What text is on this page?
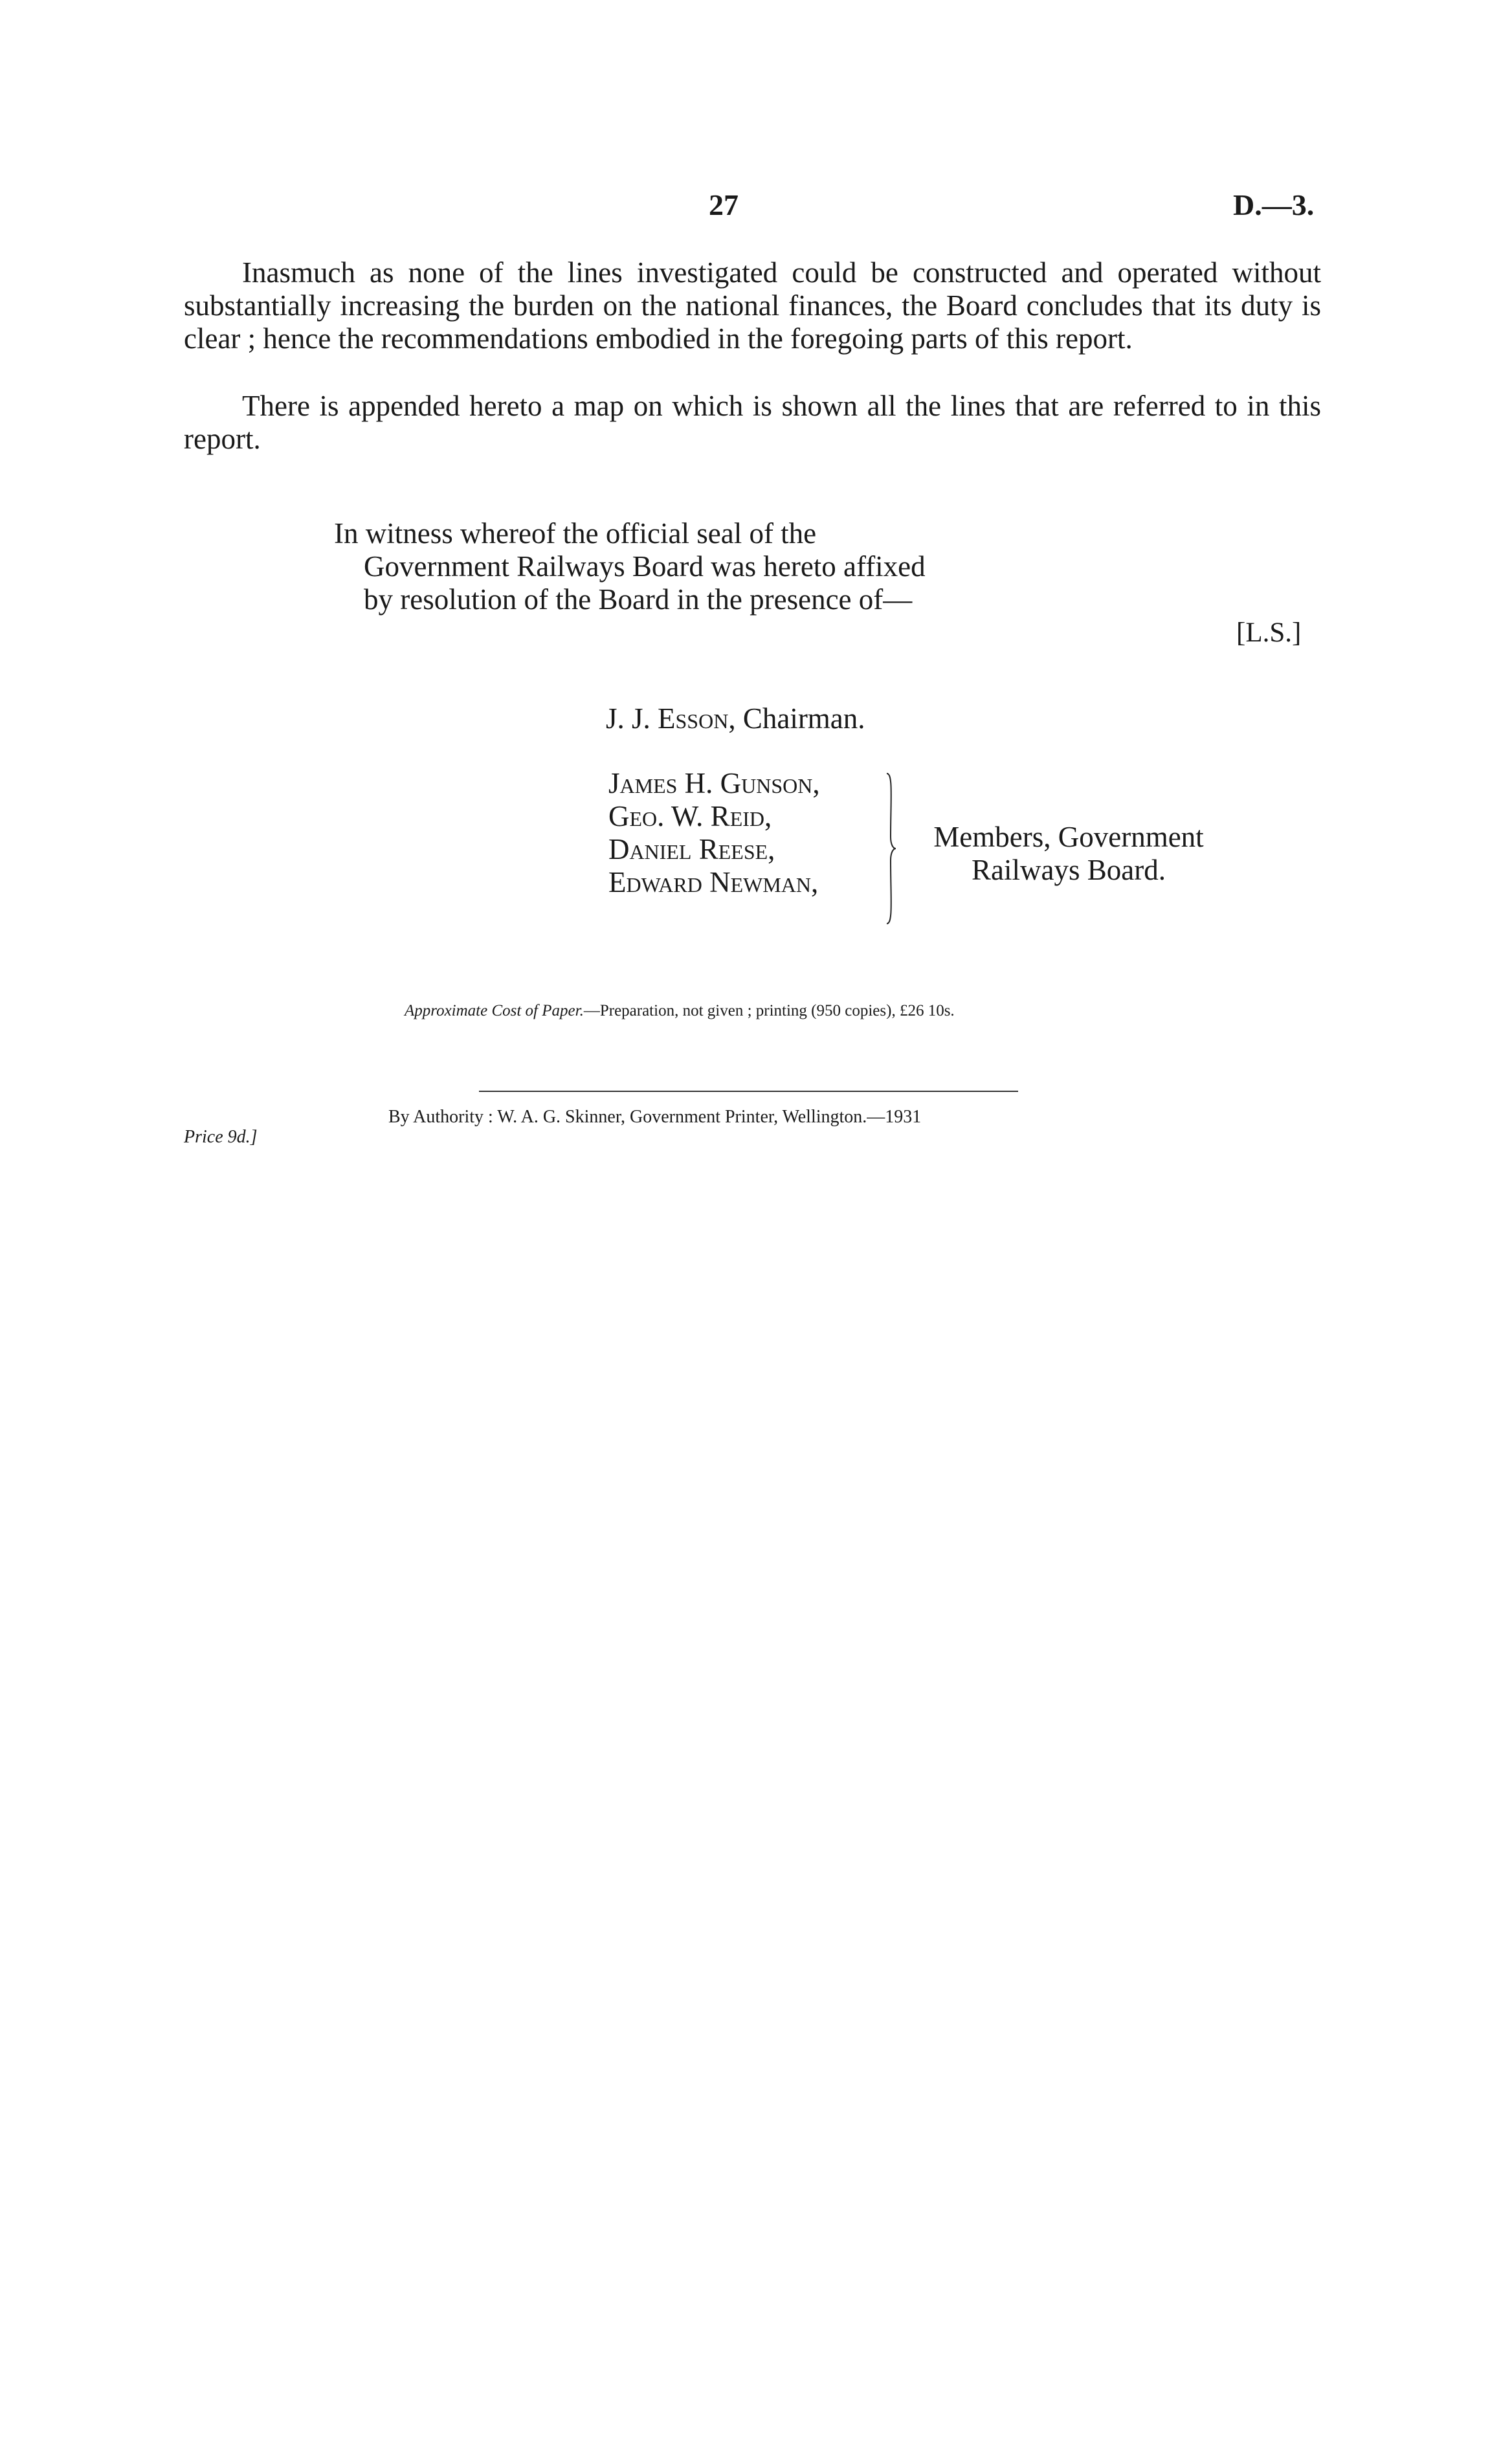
27	D.—3.

Inasmuch as none of the lines investigated could be constructed and operated without substantially increasing the burden on the national finances, the Board concludes that its duty is clear ; hence the recommendations embodied in the foregoing parts of this report.

There is appended hereto a map on which is shown all the lines that are referred to in this report.

In witness whereof the official seal of the Government Railways Board was hereto affixed by resolution of the Board in the presence of—

[L.S.]
J. J. Esson, Chairman.
James H. Gunson,
Geo. W. Reid,
Daniel Reese,
Edward Newman,
Members, Government
Railways Board.
Approximate Cost of Paper.—Preparation, not given ; printing (950 copies), £26 10s.
By Authority : W. A. G. Skinner, Government Printer, Wellington.—1931
Price 9d.]
